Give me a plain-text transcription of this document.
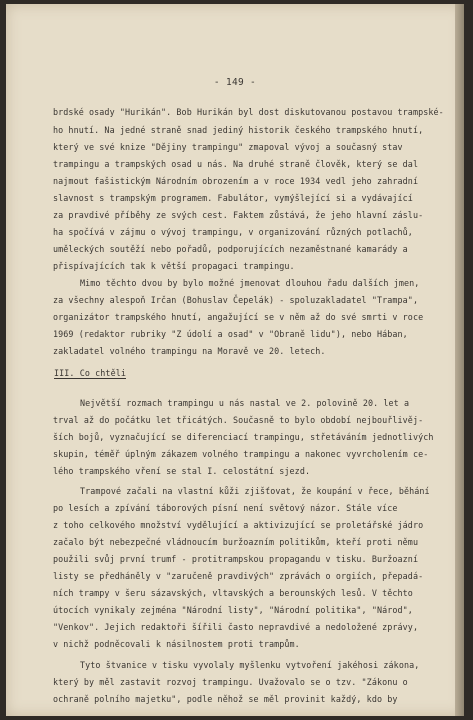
- 149 -
III. Co chtěli
brdské osady "Hurikán". Bob Hurikán byl dost diskutovanou postavou trampské-
ho hnutí. Na jedné straně snad jediný historik českého trampského hnutí,
který ve své knize "Dějiny trampingu" zmapoval vývoj a současný stav
trampingu a trampských osad u nás. Na druhé straně člověk, který se dal
najmout fašistickým Národním obrozením a v roce 1934 vedl jeho zahradní
slavnost s trampským programem. Fabulátor, vymýšlející si a vydávající
za pravdivé příběhy ze svých cest. Faktem zůstává, že jeho hlavní záslu-
ha spočívá v zájmu o vývoj trampingu, v organizování různých potlachů,
uměleckých soutěží nebo pořadů, podporujících nezaměstnané kamarády a
přispívajících tak k větší propagaci trampingu.
Mimo těchto dvou by bylo možné jmenovat dlouhou řadu dalších jmen,
za všechny alespoň Irčan (Bohuslav Čepelák) - spoluzakladatel "Trampa",
organizátor trampského hnutí, angažující se v něm až do své smrti v roce
1969 (redaktor rubriky "Z údolí a osad" v "Obraně lidu"), nebo Hában,
zakladatel volného trampingu na Moravě ve 20. letech.
Největší rozmach trampingu u nás nastal ve 2. polovině 20. let a
trval až do počátku let třicátých. Současně to bylo období nejbouřlivěj-
ších bojů, vyznačující se diferenciací trampingu, střetáváním jednotlivých
skupin, téměř úplným zákazem volného trampingu a nakonec vyvrcholením ce-
lého trampského vření se stal I. celostátní sjezd.
Trampové začali na vlastní kůži zjišťovat, že koupání v řece, běhání
po lesích a zpívání táborových písní není světový názor. Stále více
z toho celkového množství vydělující a aktivizující se proletářské jádro
začalo být nebezpečné vládnoucím buržoazním politikům, kteří proti němu
použili svůj první trumf - protitrampskou propagandu v tisku. Buržoazní
listy se předháněly v "zaručeně pravdivých" zprávách o orgiích, přepadá-
ních trampy v šeru sázavských, vltavských a berounských lesů. V těchto
útocích vynikaly zejména "Národní listy", "Národní politika", "Národ",
"Venkov". Jejich redaktoři šířili často nepravdivé a nedoložené zprávy,
v nichž podněcovali k násilnostem proti trampům.
Tyto štvanice v tisku vyvolaly myšlenku vytvoření jakéhosi zákona,
který by měl zastavit rozvoj trampingu. Uvažovalo se o tzv. "Zákonu o
ochraně polního majetku", podle něhož se měl provinit každý, kdo by
